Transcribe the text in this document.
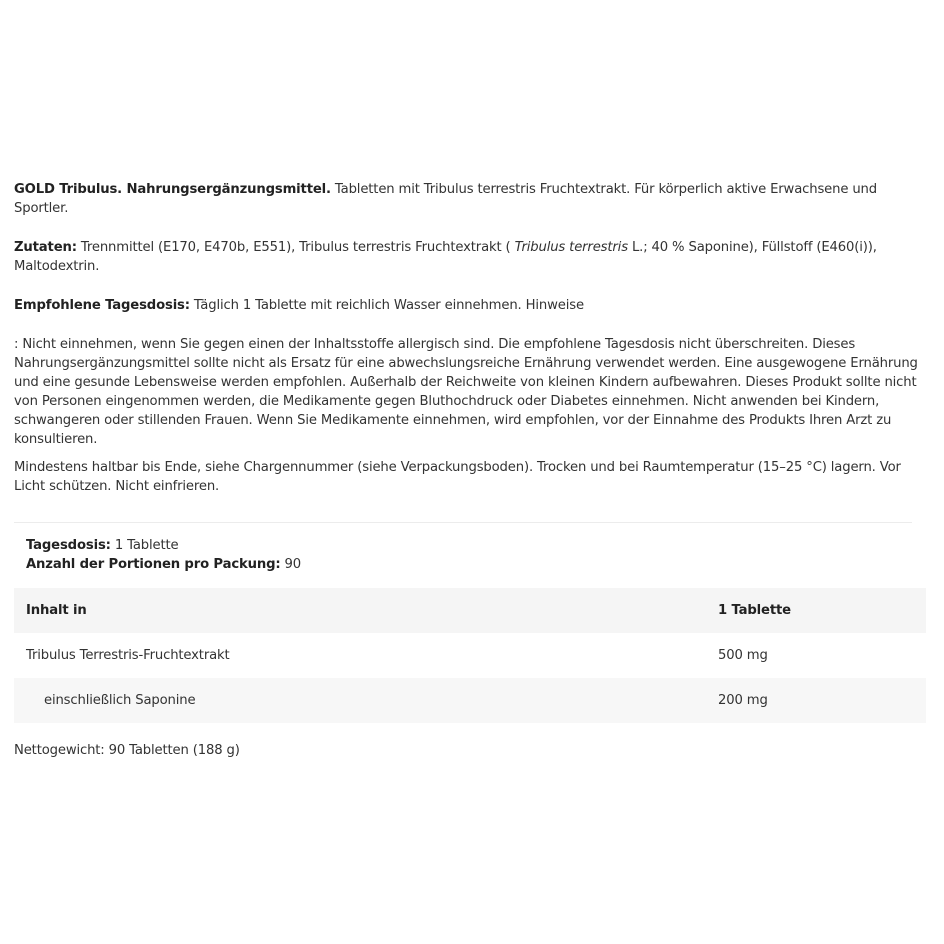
GOLD Tribulus. Nahrungsergänzungsmittel. Tabletten mit Tribulus terrestris Fruchtextrakt. Für körperlich aktive Erwachsene und Sportler.

Zutaten: Trennmittel (E170, E470b, E551), Tribulus terrestris Fruchtextrakt ( Tribulus terrestris L.; 40 % Saponine), Füllstoff (E460(i)), Maltodextrin.

Empfohlene Tagesdosis: Täglich 1 Tablette mit reichlich Wasser einnehmen. Hinweise

: Nicht einnehmen, wenn Sie gegen einen der Inhaltsstoffe allergisch sind. Die empfohlene Tagesdosis nicht überschreiten. Dieses Nahrungsergänzungsmittel sollte nicht als Ersatz für eine abwechslungsreiche Ernährung verwendet werden. Eine ausgewogene Ernährung und eine gesunde Lebensweise werden empfohlen. Außerhalb der Reichweite von kleinen Kindern aufbewahren. Dieses Produkt sollte nicht von Personen eingenommen werden, die Medikamente gegen Bluthochdruck oder Diabetes einnehmen. Nicht anwenden bei Kindern, schwangeren oder stillenden Frauen. Wenn Sie Medikamente einnehmen, wird empfohlen, vor der Einnahme des Produkts Ihren Arzt zu konsultieren.

Mindestens haltbar bis Ende, siehe Chargennummer (siehe Verpackungsboden). Trocken und bei Raumtemperatur (15–25 °C) lagern. Vor Licht schützen. Nicht einfrieren.

Tagesdosis: 1 Tablette
Anzahl der Portionen pro Packung: 90
Inhalt in	1 Tablette
Tribulus Terrestris-Fruchtextrakt	500 mg
einschließlich Saponine	200 mg
Nettogewicht: 90 Tabletten (188 g)
